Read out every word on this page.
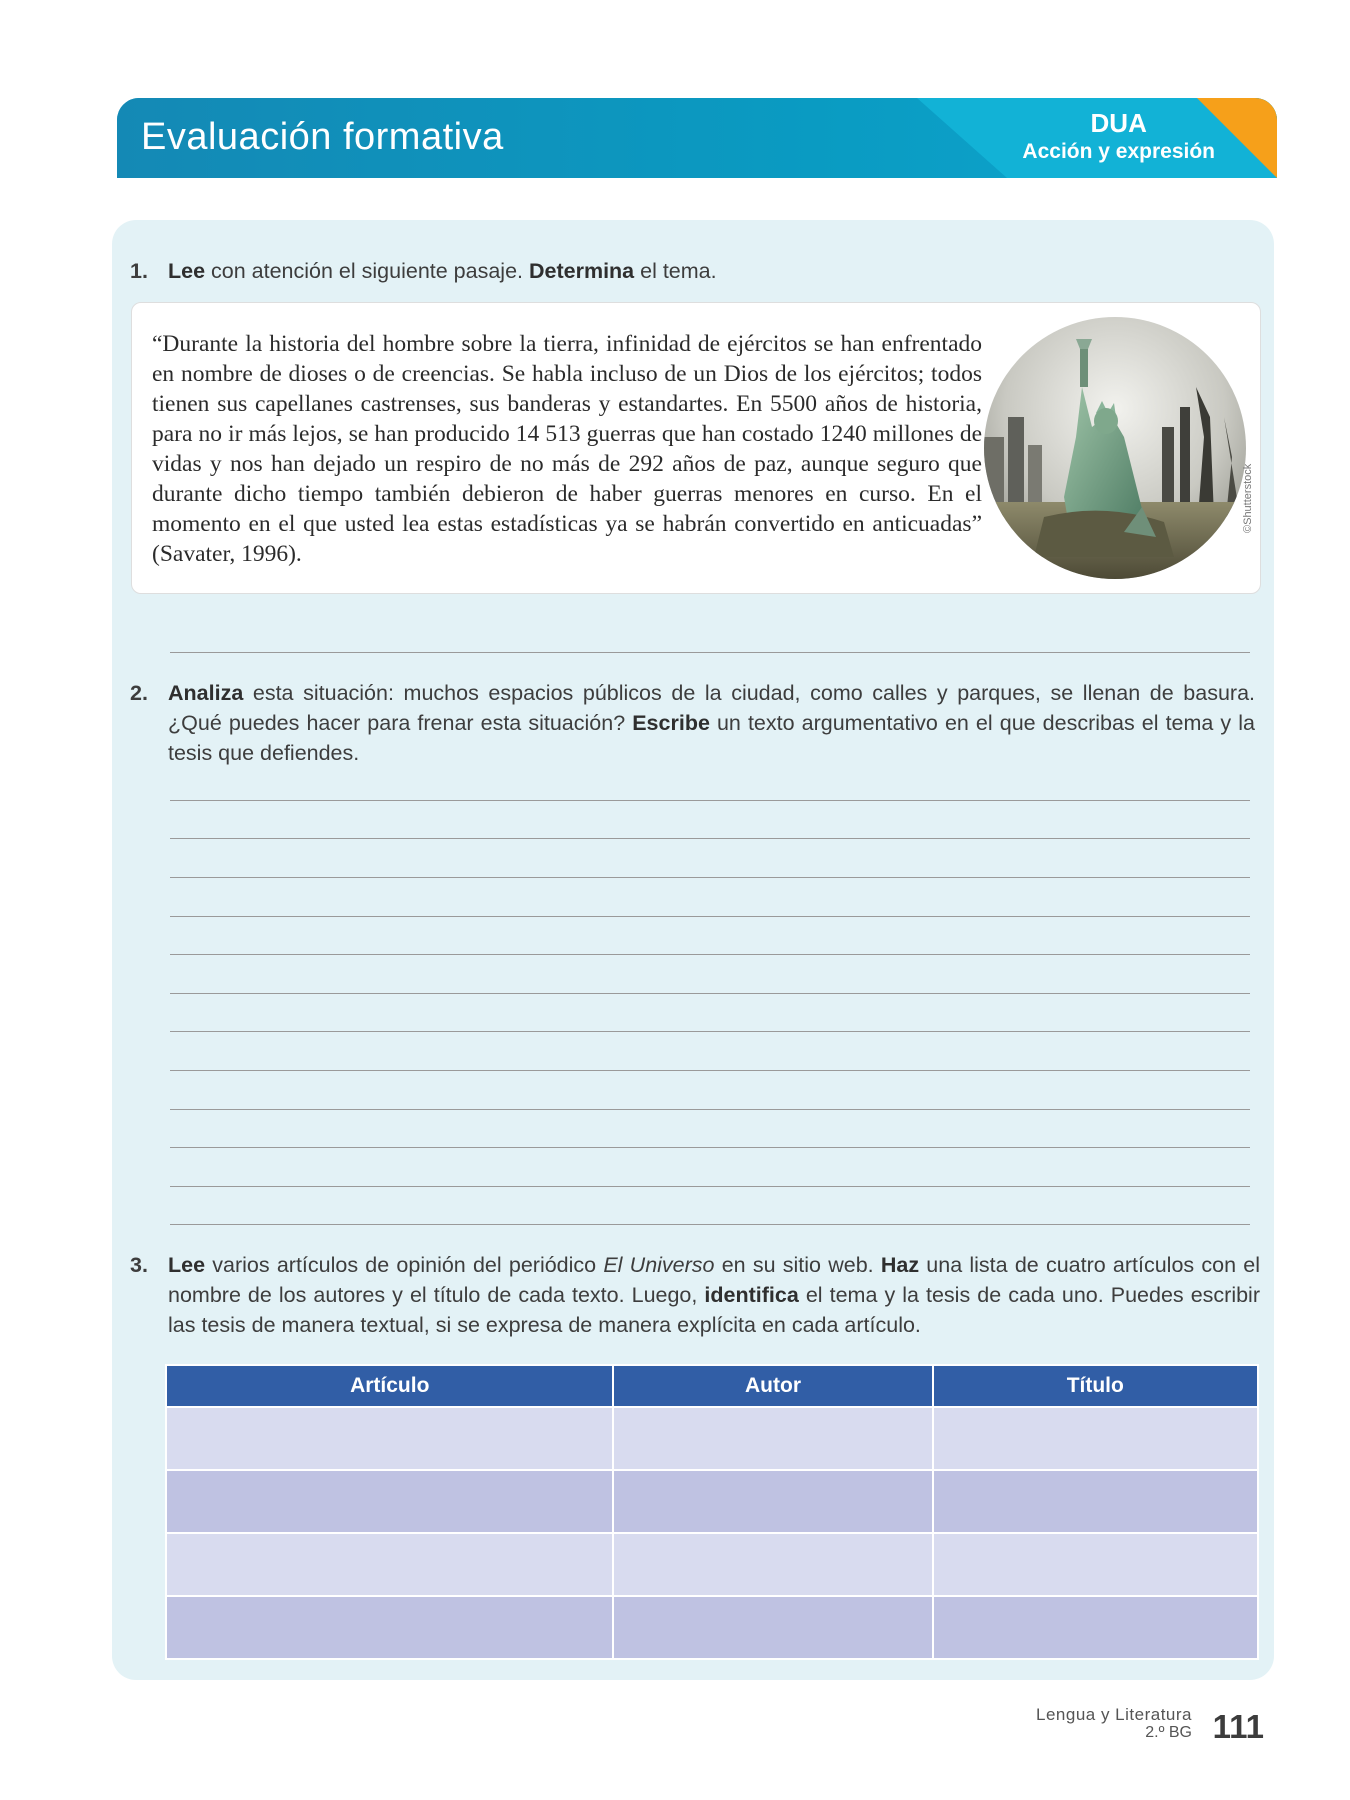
Evaluación formativa	DUA
Acción y expresión
1. Lee con atención el siguiente pasaje. Determina el tema.
“Durante la historia del hombre sobre la tierra, infinidad de ejércitos se han enfrentado en nombre de dioses o de creencias. Se habla incluso de un Dios de los ejércitos; todos tienen sus capellanes castrenses, sus banderas y estandartes. En 5500 años de historia, para no ir más lejos, se han producido 14 513 guerras que han costado 1240 millones de vidas y nos han dejado un respiro de no más de 292 años de paz, aunque seguro que durante dicho tiempo también debieron de haber guerras menores en curso. En el momento en el que usted lea estas estadísticas ya se habrán convertido en anticuadas” (Savater, 1996).
©Shutterstock
2. Analiza esta situación: muchos espacios públicos de la ciudad, como calles y parques, se llenan de basura. ¿Qué puedes hacer para frenar esta situación? Escribe un texto argumentativo en el que describas el tema y la tesis que defiendes.
3. Lee varios artículos de opinión del periódico El Universo en su sitio web. Haz una lista de cuatro artículos con el nombre de los autores y el título de cada texto. Luego, identifica el tema y la tesis de cada uno. Puedes escribir las tesis de manera textual, si se expresa de manera explícita en cada artículo.
Artículo	Autor	Título

Lengua y Literatura
2.º BG 111
